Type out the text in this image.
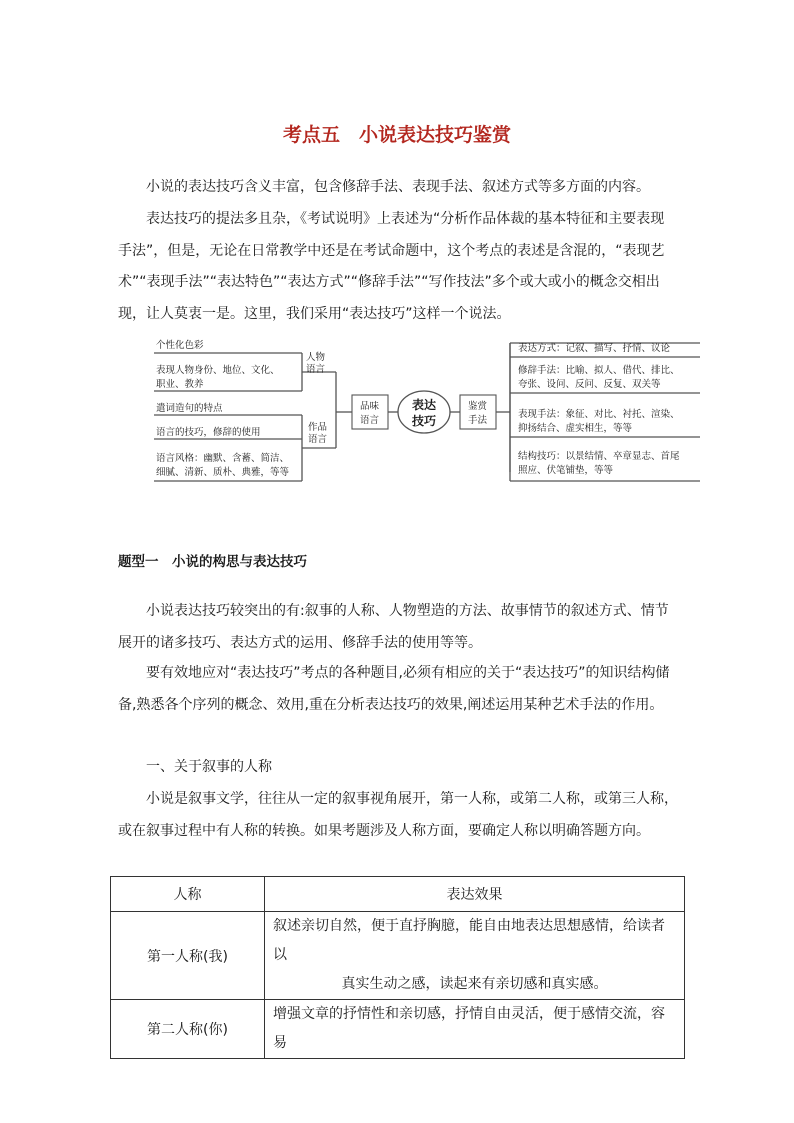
考点五　小说表达技巧鉴赏

小说的表达技巧含义丰富，包含修辞手法、表现手法、叙述方式等多方面的内容。

表达技巧的提法多且杂，《考试说明》上表述为“分析作品体裁的基本特征和主要表现手法”，但是，无论在日常教学中还是在考试命题中，这个考点的表述是含混的，“表现艺术”“表现手法”“表达特色”“表达方式”“修辞手法”“写作技法”多个或大或小的概念交相出现，让人莫衷一是。这里，我们采用“表达技巧”这样一个说法。

个性化色彩
表现人物身份、地位、文化、
职业、教养
遣词造句的特点
语言的技巧，修辞的使用
语言风格：幽默、含蓄、简洁、
细腻、清新、质朴、典雅，等等
人物
语言
作品
语言
品味
语言
鉴赏
手法
表达方式：记叙、描写、抒情、议论
修辞手法：比喻、拟人、借代、排比、
夸张、设问、反问、反复、双关等
表现手法：象征、对比、衬托、渲染、
抑扬结合、虚实相生，等等
结构技巧：以景结情、卒章显志、首尾
照应、伏笔铺垫，等等
表达
技巧
题型一　小说的构思与表达技巧

小说表达技巧较突出的有:叙事的人称、人物塑造的方法、故事情节的叙述方式、情节展开的诸多技巧、表达方式的运用、修辞手法的使用等等。

要有效地应对“表达技巧”考点的各种题目,必须有相应的关于“表达技巧”的知识结构储备,熟悉各个序列的概念、效用,重在分析表达技巧的效果,阐述运用某种艺术手法的作用。

一、关于叙事的人称

小说是叙事文学，往往从一定的叙事视角展开，第一人称，或第二人称，或第三人称，或在叙事过程中有人称的转换。如果考题涉及人称方面，要确定人称以明确答题方向。

人称	表达效果
第一人称(我)	叙述亲切自然，便于直抒胸臆，能自由地表达思想感情，给读者以
真实生动之感，读起来有亲切感和真实感。

第二人称(你)	增强文章的抒情性和亲切感，抒情自由灵活，便于感情交流，容易
